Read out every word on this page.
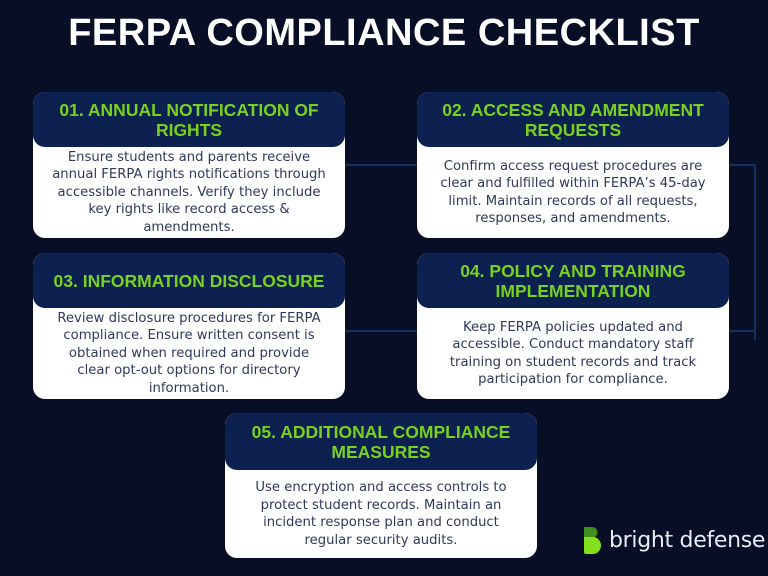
FERPA COMPLIANCE CHECKLIST
01. ANNUAL NOTIFICATION OF RIGHTS
Ensure students and parents receive annual FERPA rights notifications through accessible channels. Verify they include key rights like record access & amendments.
02. ACCESS AND AMENDMENT REQUESTS
Confirm access request procedures are clear and fulfilled within FERPA’s 45-day limit. Maintain records of all requests, responses, and amendments.
03. INFORMATION DISCLOSURE
Review disclosure procedures for FERPA compliance. Ensure written consent is obtained when required and provide clear opt-out options for directory information.
04. POLICY AND TRAINING IMPLEMENTATION
Keep FERPA policies updated and accessible. Conduct mandatory staff training on student records and track participation for compliance.
05. ADDITIONAL COMPLIANCE MEASURES
Use encryption and access controls to protect student records. Maintain an incident response plan and conduct regular security audits.	bright defense
